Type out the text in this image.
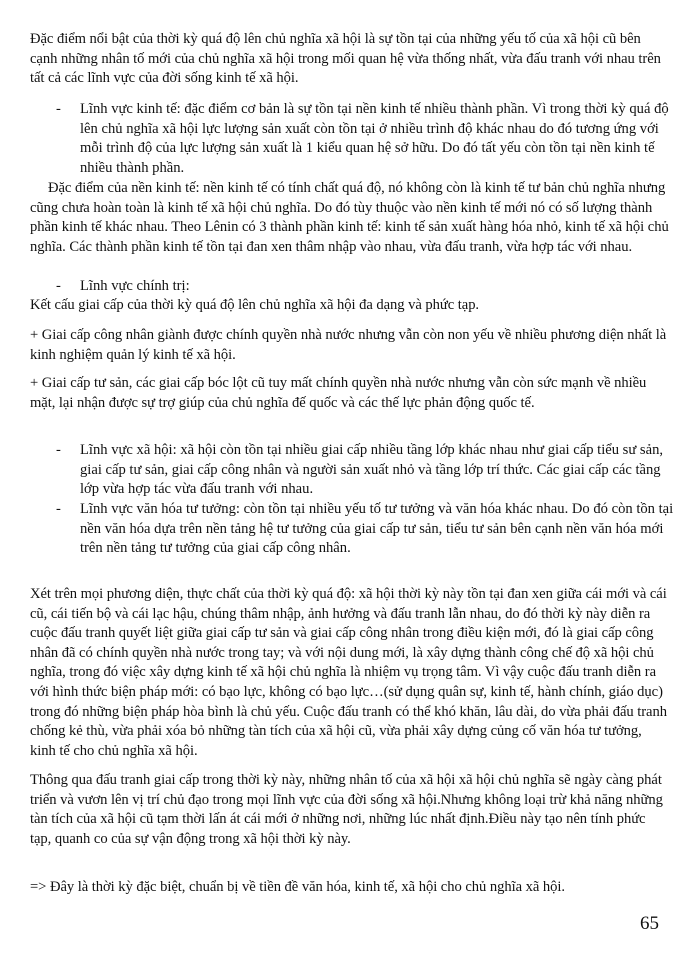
Đặc điểm nổi bật của thời kỳ quá độ lên chủ nghĩa xã hội là sự tồn tại của những yếu tố của xã hội cũ bên cạnh những nhân tố mới của chủ nghĩa xã hội trong mối quan hệ vừa thống nhất, vừa đấu tranh với nhau trên tất cả các lĩnh vực của đời sống kinh tế xã hội.

-	Lĩnh vực kinh tế: đặc điểm cơ bản là sự tồn tại nền kinh tế nhiều thành phần. Vì trong thời kỳ quá độ lên chủ nghĩa xã hội lực lượng sản xuất còn tồn tại ở nhiều trình độ khác nhau do đó tương ứng với mỗi trình độ của lực lượng sản xuất là 1 kiểu quan hệ sở hữu. Do đó tất yếu còn tồn tại nền kinh tế nhiều thành phần.

Đặc điểm của nền kinh tế: nền kinh tế có tính chất quá độ, nó không còn là kinh tế tư bản chủ nghĩa nhưng cũng chưa hoàn toàn là kinh tế xã hội chủ nghĩa. Do đó tùy thuộc vào nền kinh tế mới nó có số lượng thành phần kinh tế khác nhau. Theo Lênin có 3 thành phần kinh tế: kinh tế sản xuất hàng hóa nhỏ, kinh tế xã hội chủ nghĩa. Các thành phần kinh tế tồn tại đan xen thâm nhập vào nhau, vừa đấu tranh, vừa hợp tác với nhau.

-	Lĩnh vực chính trị:

Kết cấu giai cấp của thời kỳ quá độ lên chủ nghĩa xã hội đa dạng và phức tạp.

+ Giai cấp công nhân giành được chính quyền nhà nước nhưng vẫn còn non yếu về nhiều phương diện nhất là kinh nghiệm quản lý kinh tế xã hội.

+ Giai cấp tư sản, các giai cấp bóc lột cũ tuy mất chính quyền nhà nước nhưng vẫn còn sức mạnh về nhiều mặt, lại nhận được sự trợ giúp của chủ nghĩa đế quốc và các thế lực phản động quốc tế.

-	Lĩnh vực xã hội: xã hội còn tồn tại nhiều giai cấp nhiều tầng lớp khác nhau như giai cấp tiểu sư sản, giai cấp tư sản, giai cấp công nhân và người sản xuất nhỏ và tầng lớp trí thức. Các giai cấp các tầng lớp vừa hợp tác vừa đấu tranh với nhau.

-	Lĩnh vực văn hóa tư tưởng: còn tồn tại nhiều yếu tố tư tưởng và văn hóa khác nhau. Do đó còn tồn tại nền văn hóa dựa trên nền tảng hệ tư tưởng của giai cấp tư sản, tiểu tư sản bên cạnh nền văn hóa mới trên nền tảng tư tưởng của giai cấp công nhân.

Xét trên mọi phương diện, thực chất của thời kỳ quá độ: xã hội thời kỳ này tồn tại đan xen giữa cái mới và cái cũ, cái tiến bộ và cái lạc hậu, chúng thâm nhập, ảnh hưởng và đấu tranh lẫn nhau, do đó thời kỳ này diễn ra cuộc đấu tranh quyết liệt giữa giai cấp tư sản và giai cấp công nhân trong điều kiện mới, đó là giai cấp công nhân đã có chính quyền nhà nước trong tay; và với nội dung mới, là xây dựng thành công chế độ xã hội chủ nghĩa, trong đó việc xây dựng kinh tế xã hội chủ nghĩa là nhiệm vụ trọng tâm. Vì vậy cuộc đấu tranh diễn ra với hình thức biện pháp mới: có bạo lực, không có bạo lực…(sử dụng quân sự, kinh tế, hành chính, giáo dục) trong đó những biện pháp hòa bình là chủ yếu. Cuộc đấu tranh có thể khó khăn, lâu dài, do vừa phải đấu tranh chống kẻ thù, vừa phải xóa bỏ những tàn tích của xã hội cũ, vừa phải xây dựng củng cố văn hóa tư tưởng, kinh tế cho chủ nghĩa xã hội.

Thông qua đấu tranh giai cấp trong thời kỳ này, những nhân tố của xã hội xã hội chủ nghĩa sẽ ngày càng phát triển và vươn lên vị trí chủ đạo trong mọi lĩnh vực của đời sống xã hội.Nhưng không loại trừ khả năng những tàn tích của xã hội cũ tạm thời lấn át cái mới ở những nơi, những lúc nhất định.Điều này tạo nên tính phức tạp, quanh co của sự vận động trong xã hội thời kỳ này.

=> Đây là thời kỳ đặc biệt, chuẩn bị về tiền đề văn hóa, kinh tế, xã hội cho chủ nghĩa xã hội.

65
